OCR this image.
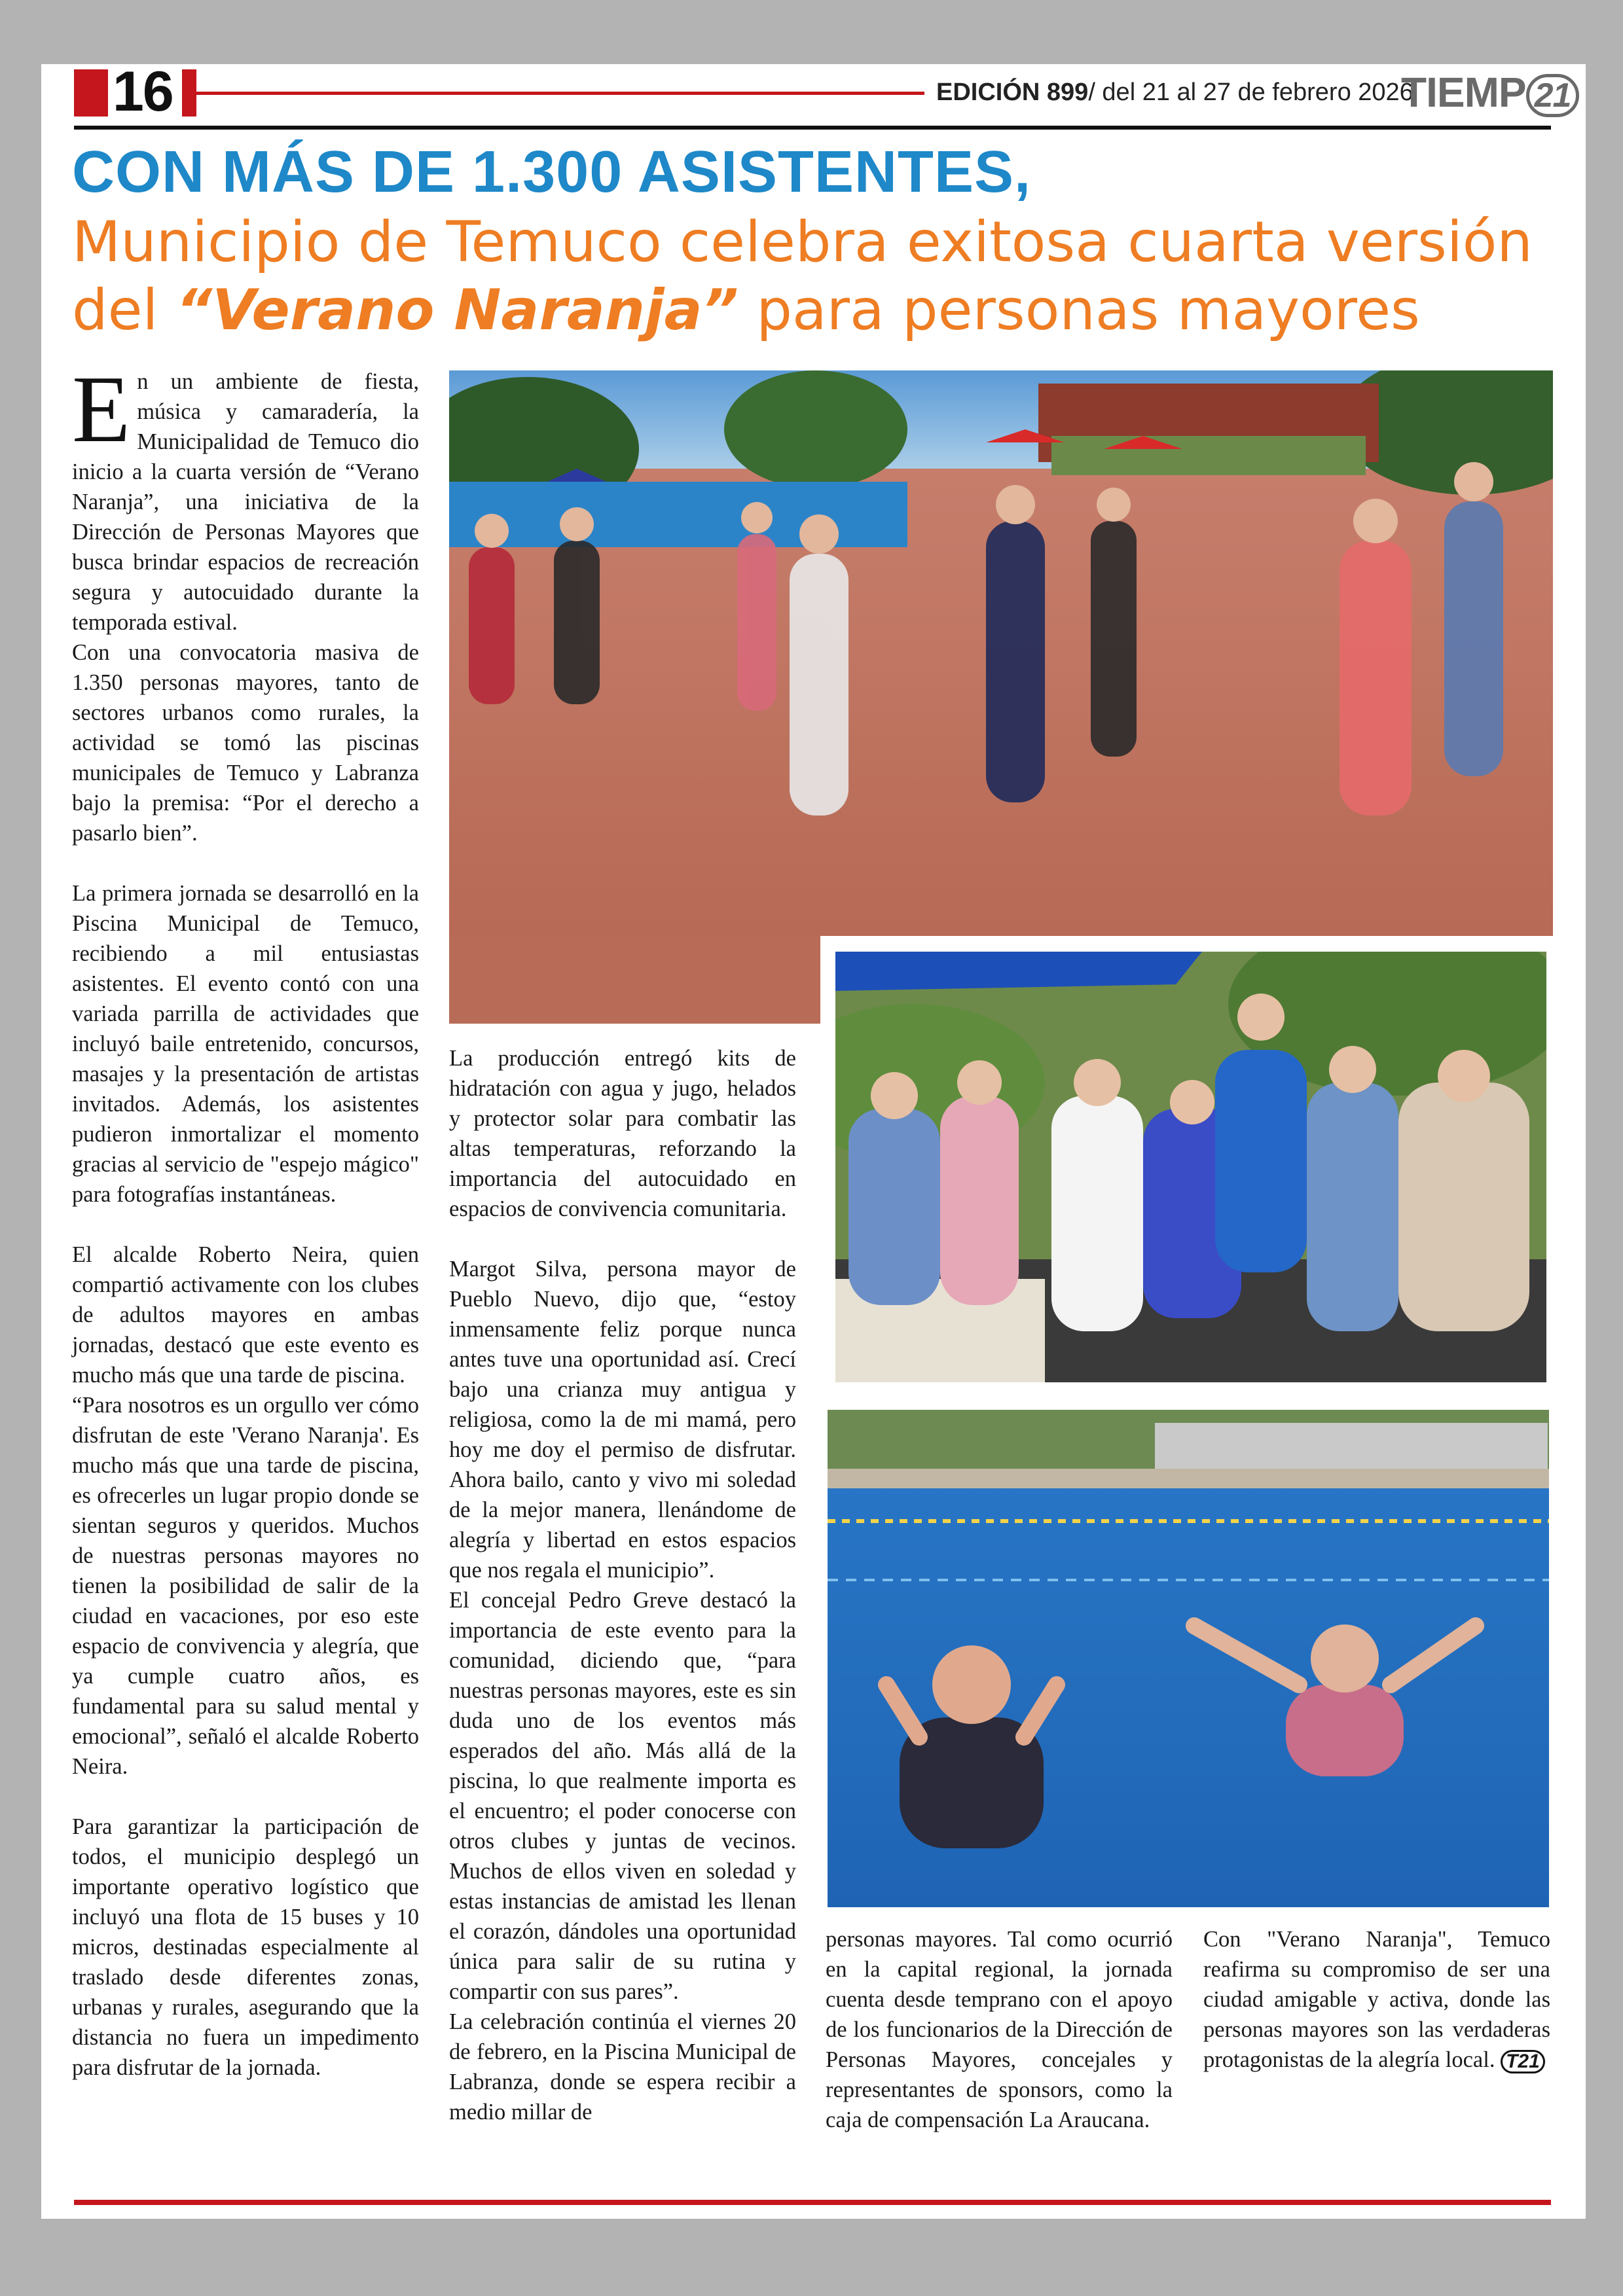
16	EDICIÓN 899/ del 21 al 27 de febrero 2026
TIEMP 21
CON MÁS DE 1.300 ASISTENTES,
Municipio de Temuco celebra exitosa cuarta versión
del “Verano Naranja” para personas mayores

En un ambiente de fiesta, música y camaradería, la Municipalidad de Temuco dio inicio a la cuarta versión de “Verano Naranja”, una iniciativa de la Dirección de Personas Mayores que busca brindar espacios de recreación segura y autocuidado durante la temporada estival.

Con una convocatoria masiva de 1.350 personas mayores, tanto de sectores urbanos como rurales, la actividad se tomó las piscinas municipales de Temuco y Labranza bajo la premisa: “Por el derecho a pasarlo bien”.

La primera jornada se desarrolló en la Piscina Municipal de Temuco, recibiendo a mil entusiastas asistentes. El evento contó con una variada parrilla de actividades que incluyó baile entretenido, concursos, masajes y la presentación de artistas invitados. Además, los asistentes pudieron inmortalizar el momento gracias al servicio de "espejo mágico" para fotografías instantáneas.

El alcalde Roberto Neira, quien compartió activamente con los clubes de adultos mayores en ambas jornadas, destacó que este evento es mucho más que una tarde de piscina.

“Para nosotros es un orgullo ver cómo disfrutan de este 'Verano Naranja'. Es mucho más que una tarde de piscina, es ofrecerles un lugar propio donde se sientan seguros y queridos. Muchos de nuestras personas mayores no tienen la posibilidad de salir de la ciudad en vacaciones, por eso este espacio de convivencia y alegría, que ya cumple cuatro años, es fundamental para su salud mental y emocional”, señaló el alcalde Roberto Neira.

Para garantizar la participación de todos, el municipio desplegó un importante operativo logístico que incluyó una flota de 15 buses y 10 micros, destinadas especialmente al traslado desde diferentes zonas, urbanas y rurales, asegurando que la distancia no fuera un impedimento para disfrutar de la jornada.

La producción entregó kits de hidratación con agua y jugo, helados y protector solar para combatir las altas temperaturas, reforzando la importancia del autocuidado en espacios de convivencia comunitaria.

Margot Silva, persona mayor de Pueblo Nuevo, dijo que, “estoy inmensamente feliz porque nunca antes tuve una oportunidad así. Crecí bajo una crianza muy antigua y religiosa, como la de mi mamá, pero hoy me doy el permiso de disfrutar. Ahora bailo, canto y vivo mi soledad de la mejor manera, llenándome de alegría y libertad en estos espacios que nos regala el municipio”.

El concejal Pedro Greve destacó la importancia de este evento para la comunidad, diciendo que, “para nuestras personas mayores, este es sin duda uno de los eventos más esperados del año. Más allá de la piscina, lo que realmente importa es el encuentro; el poder conocerse con otros clubes y juntas de vecinos. Muchos de ellos viven en soledad y estas instancias de amistad les llenan el corazón, dándoles una oportunidad única para salir de su rutina y compartir con sus pares”.

La celebración continúa el viernes 20 de febrero, en la Piscina Municipal de Labranza, donde se espera recibir a medio millar de

personas mayores. Tal como ocurrió en la capital regional, la jornada cuenta desde temprano con el apoyo de los funcionarios de la Dirección de Personas Mayores, concejales y representantes de sponsors, como la caja de compensación La Araucana.

Con "Verano Naranja", Temuco reafirma su compromiso de ser una ciudad amigable y activa, donde las personas mayores son las verdaderas protagonistas de la alegría local. T21
